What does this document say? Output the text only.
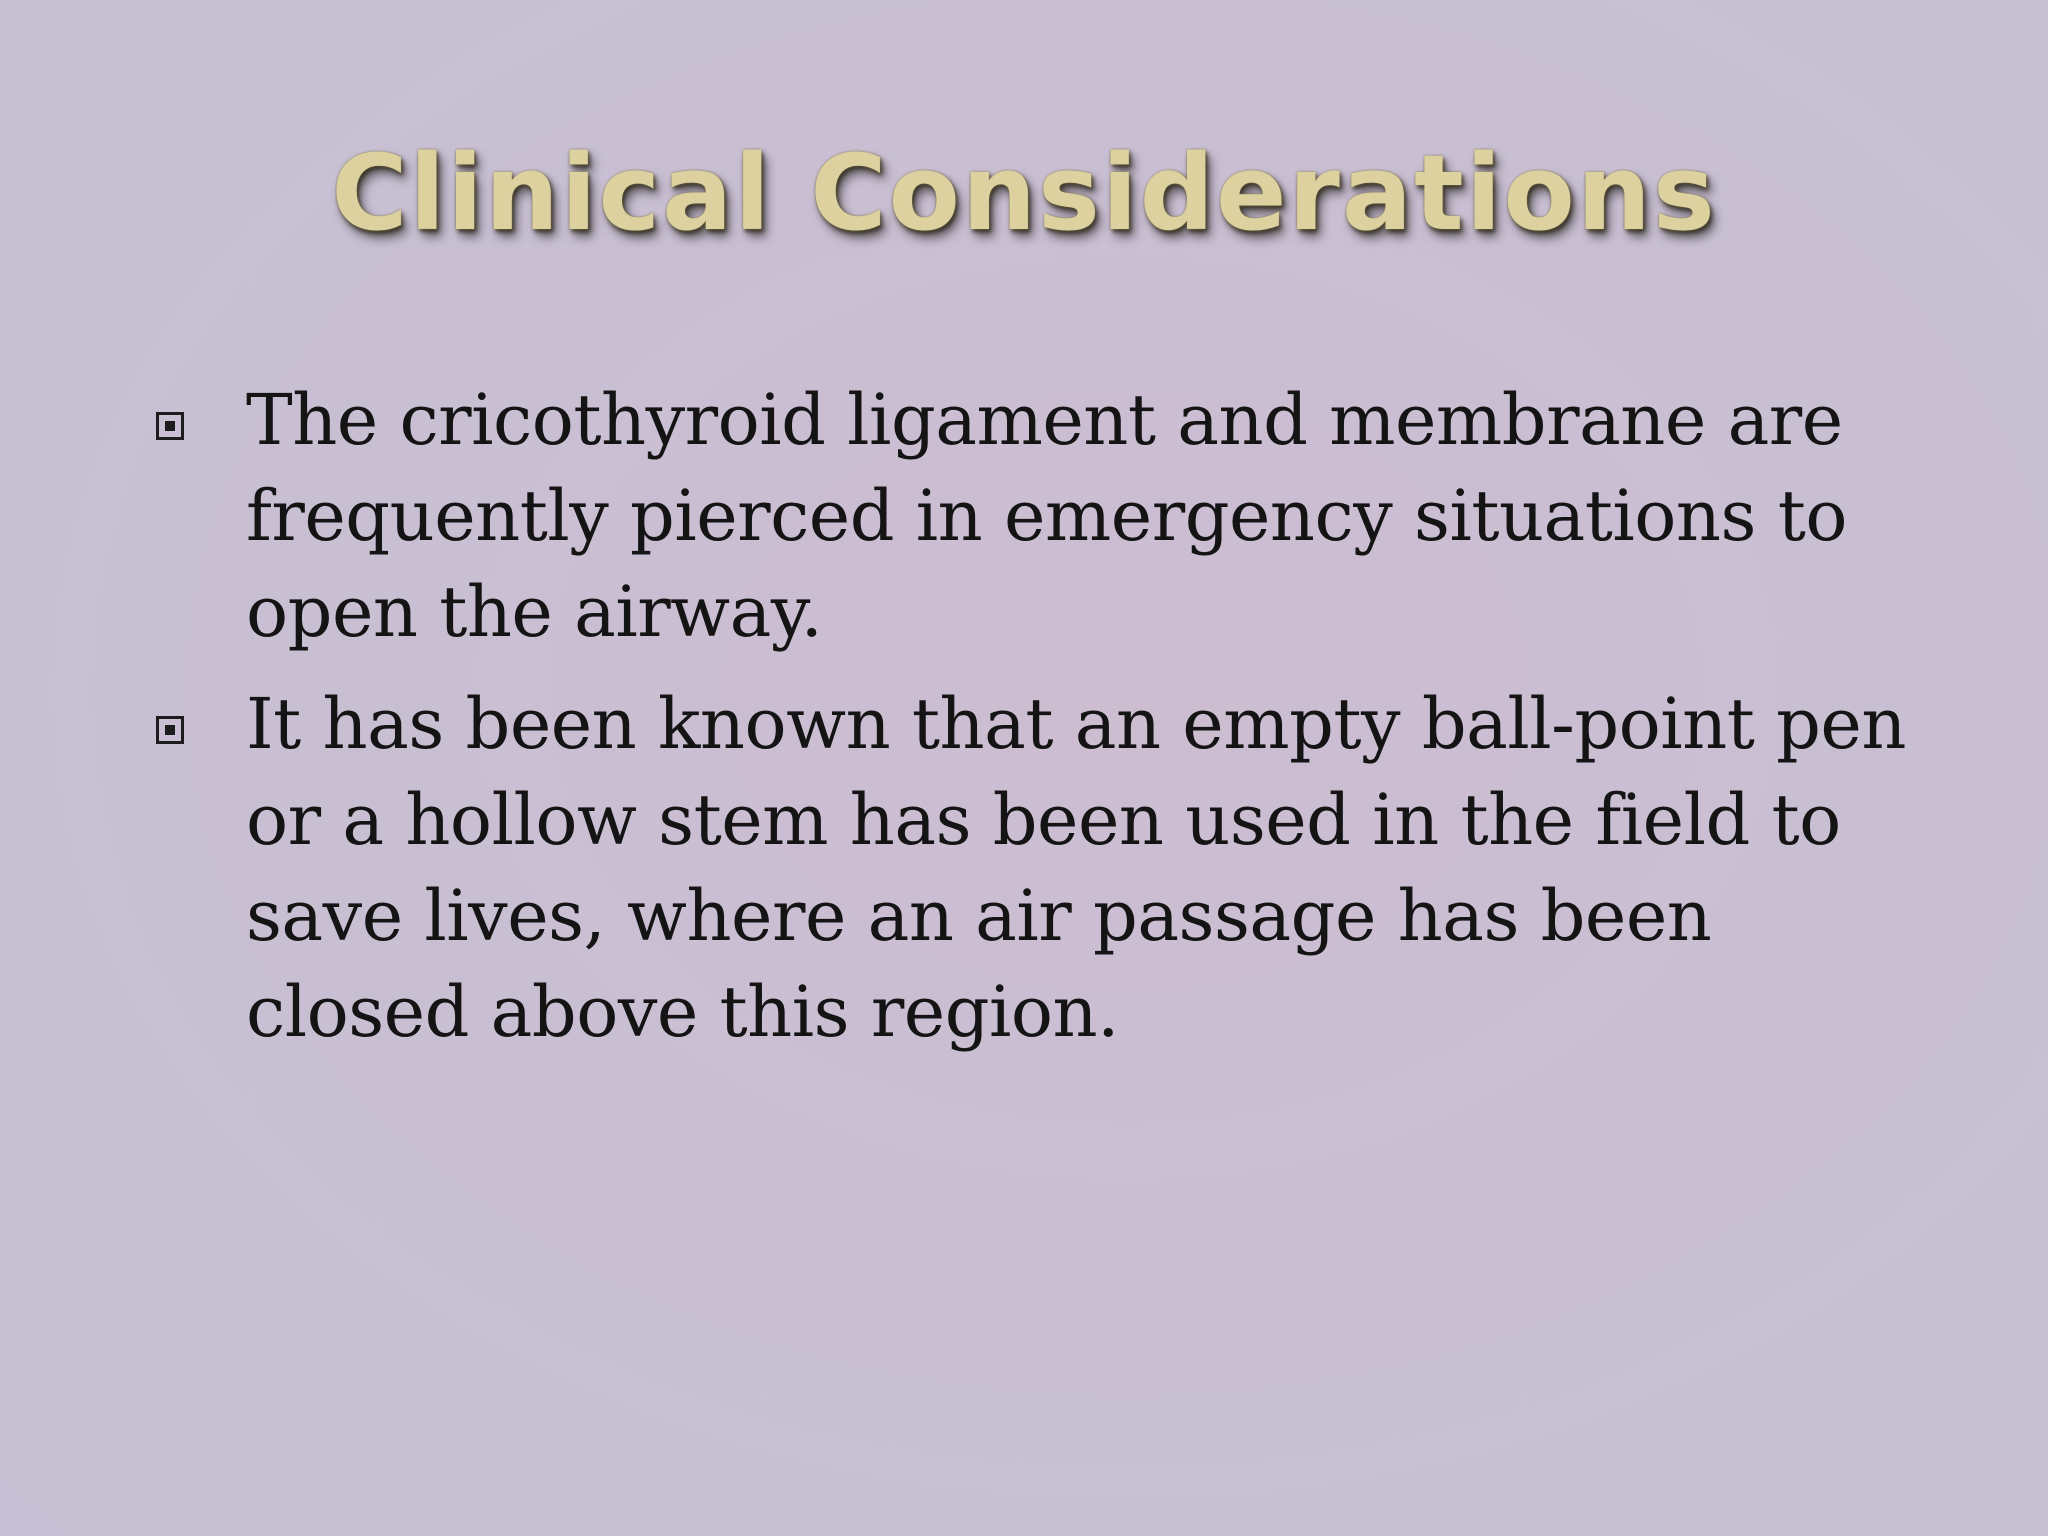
Clinical Considerations
The cricothyroid ligament and membrane are frequently pierced in emergency situations to open the airway.
It has been known that an empty ball-point pen or a hollow stem has been used in the field to save lives, where an air passage has been closed above this region.
